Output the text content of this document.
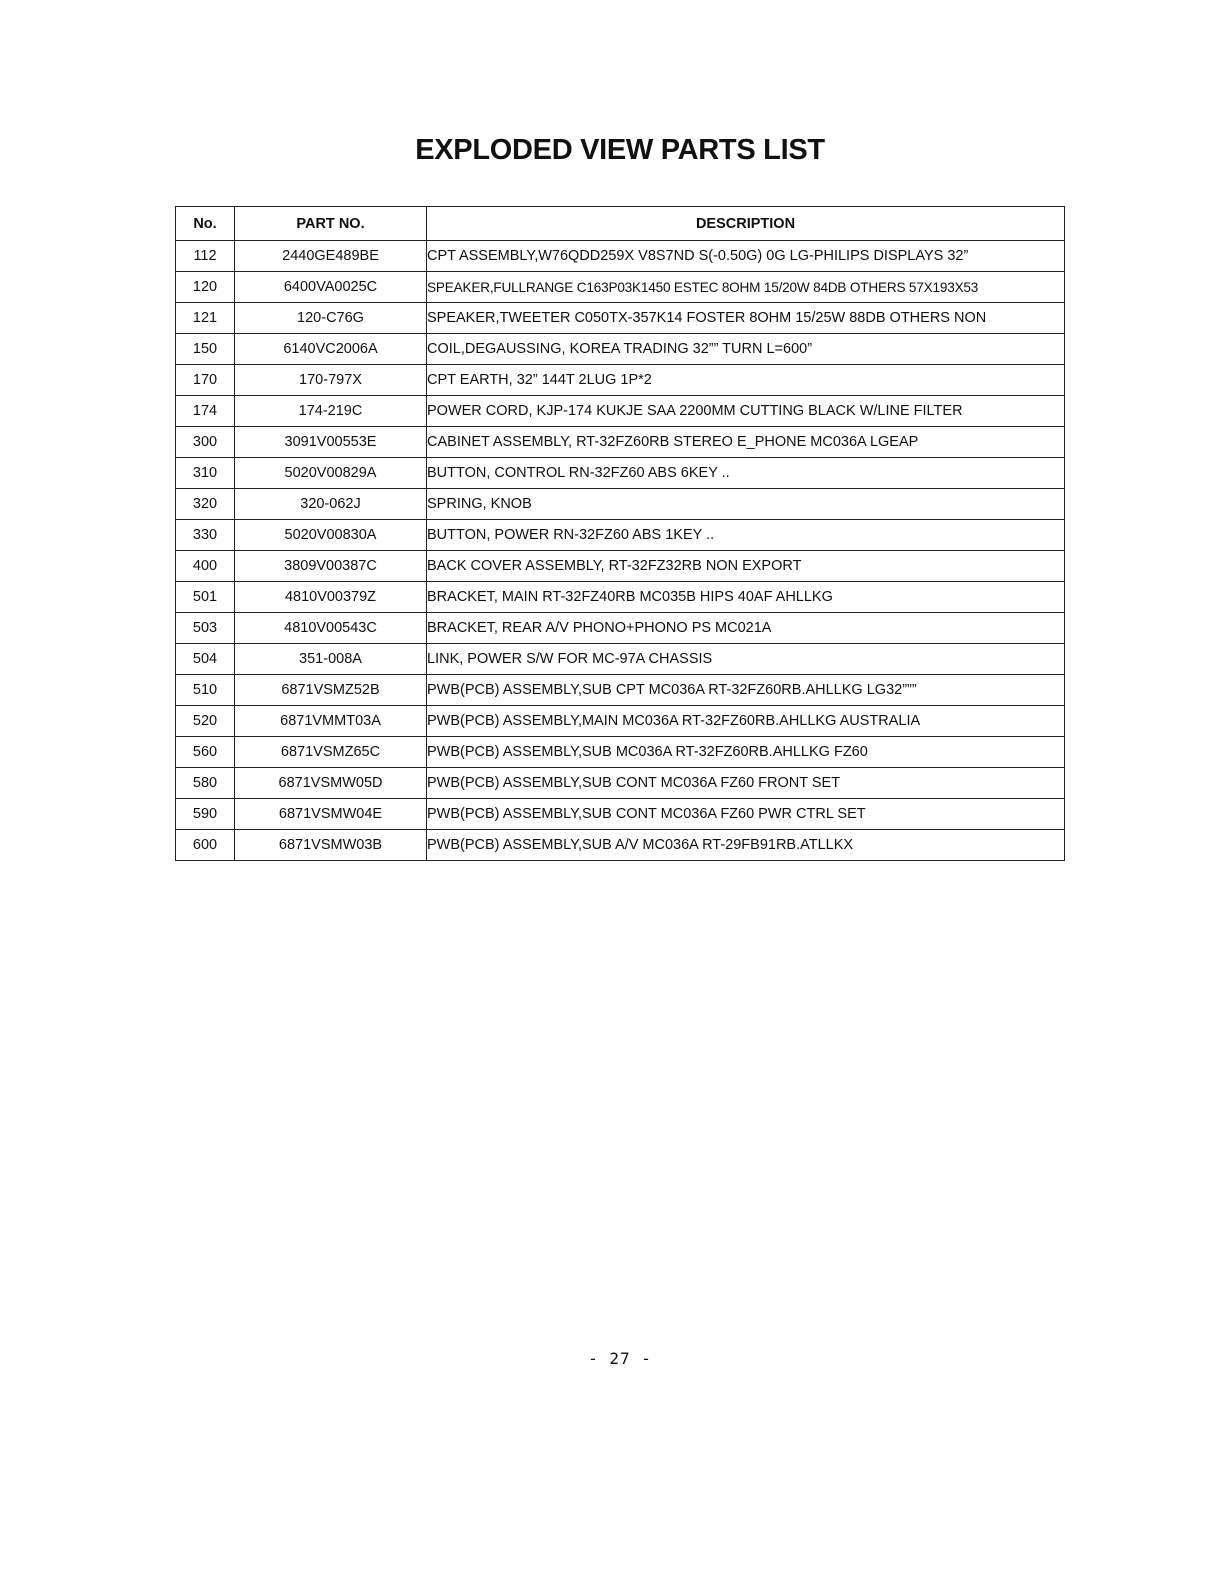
EXPLODED VIEW PARTS LIST
No.	PART NO.	DESCRIPTION
112	2440GE489BE	CPT ASSEMBLY,W76QDD259X V8S7ND S(-0.50G) 0G LG-PHILIPS DISPLAYS 32”
120	6400VA0025C	SPEAKER,FULLRANGE C163P03K1450 ESTEC 8OHM 15/20W 84DB OTHERS 57X193X53
121	120-C76G	SPEAKER,TWEETER C050TX-357K14 FOSTER 8OHM 15/25W 88DB OTHERS NON
150	6140VC2006A	COIL,DEGAUSSING, KOREA TRADING 32”” TURN L=600”
170	170-797X	CPT EARTH, 32” 144T 2LUG 1P*2
174	174-219C	POWER CORD, KJP-174 KUKJE SAA 2200MM CUTTING BLACK W/LINE FILTER
300	3091V00553E	CABINET ASSEMBLY, RT-32FZ60RB STEREO E_PHONE MC036A LGEAP
310	5020V00829A	BUTTON, CONTROL RN-32FZ60 ABS 6KEY ..
320	320-062J	SPRING, KNOB
330	5020V00830A	BUTTON, POWER RN-32FZ60 ABS 1KEY ..
400	3809V00387C	BACK COVER ASSEMBLY, RT-32FZ32RB NON EXPORT
501	4810V00379Z	BRACKET, MAIN RT-32FZ40RB MC035B HIPS 40AF AHLLKG
503	4810V00543C	BRACKET, REAR A/V PHONO+PHONO PS MC021A
504	351-008A	LINK, POWER S/W FOR MC-97A CHASSIS
510	6871VSMZ52B	PWB(PCB) ASSEMBLY,SUB CPT MC036A RT-32FZ60RB.AHLLKG LG32”””
520	6871VMMT03A	PWB(PCB) ASSEMBLY,MAIN MC036A RT-32FZ60RB.AHLLKG AUSTRALIA
560	6871VSMZ65C	PWB(PCB) ASSEMBLY,SUB MC036A RT-32FZ60RB.AHLLKG FZ60
580	6871VSMW05D	PWB(PCB) ASSEMBLY,SUB CONT MC036A FZ60 FRONT SET
590	6871VSMW04E	PWB(PCB) ASSEMBLY,SUB CONT MC036A FZ60 PWR CTRL SET
600	6871VSMW03B	PWB(PCB) ASSEMBLY,SUB A/V MC036A RT-29FB91RB.ATLLKX
- 27 -
